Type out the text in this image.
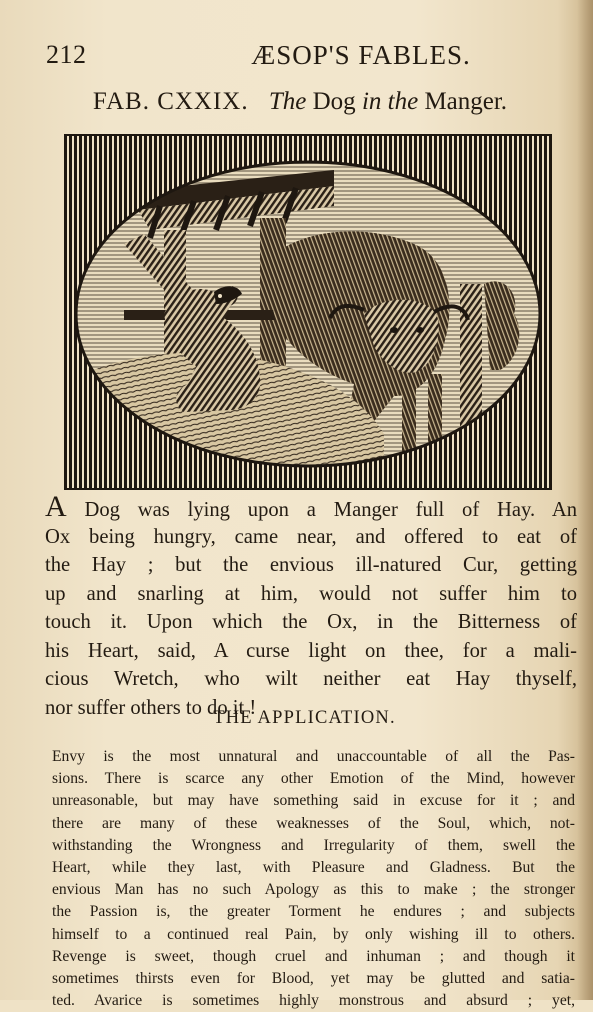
212	ÆSOP'S FABLES.
FAB. CXXIX. The Dog in the Manger.
A Dog was lying upon a Manger full of Hay. An
Ox being hungry, came near, and offered to eat of
the Hay ; but the envious ill-natured Cur, getting
up and snarling at him, would not suffer him to
touch it. Upon which the Ox, in the Bitterness of
his Heart, said, A curse light on thee, for a mali-
cious Wretch, who wilt neither eat Hay thyself,
nor suffer others to do it !
THE APPLICATION.
Envy is the most unnatural and unaccountable of all the Pas-
sions. There is scarce any other Emotion of the Mind, however
unreasonable, but may have something said in excuse for it ; and
there are many of these weaknesses of the Soul, which, not-
withstanding the Wrongness and Irregularity of them, swell the
Heart, while they last, with Pleasure and Gladness. But the
envious Man has no such Apology as this to make ; the stronger
the Passion is, the greater Torment he endures ; and subjects
himself to a continued real Pain, by only wishing ill to others.
Revenge is sweet, though cruel and inhuman ; and though it
sometimes thirsts even for Blood, yet may be glutted and satia-
ted. Avarice is sometimes highly monstrous and absurd ; yet,
